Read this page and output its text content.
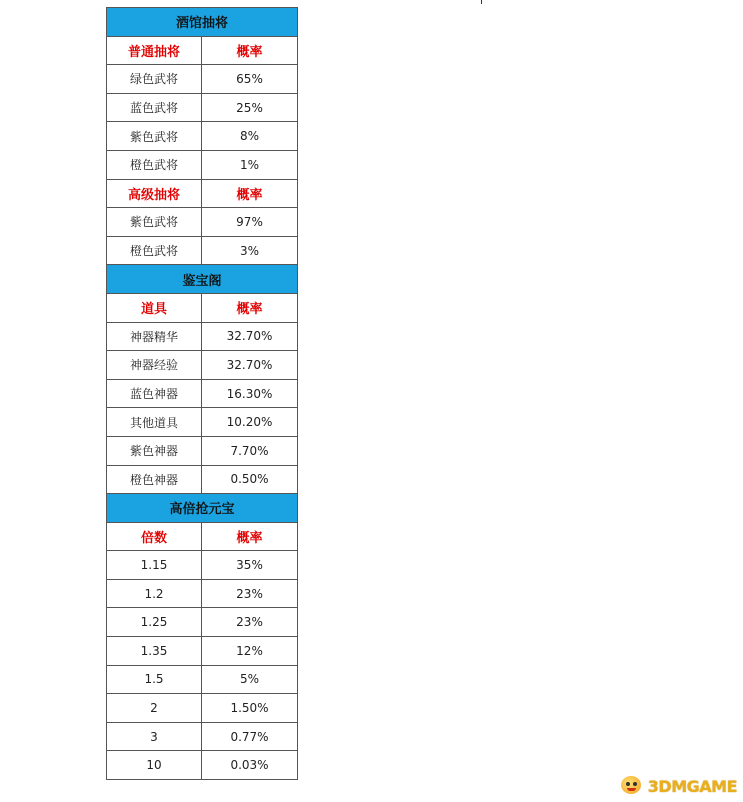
酒馆抽将	
普通抽将	概率
绿色武将	65%
蓝色武将	25%
紫色武将	8%
橙色武将	1%
高级抽将	概率
紫色武将	97%
橙色武将	3%
鉴宝阁	
道具	概率
神器精华	32.70%
神器经验	32.70%
蓝色神器	16.30%
其他道具	10.20%
紫色神器	7.70%
橙色神器	0.50%
高倍抢元宝	
倍数	概率
1.15	35%
1.2	23%
1.25	23%
1.35	12%
1.5	5%
2	1.50%
3	0.77%
10	0.03%
3DMGAME
